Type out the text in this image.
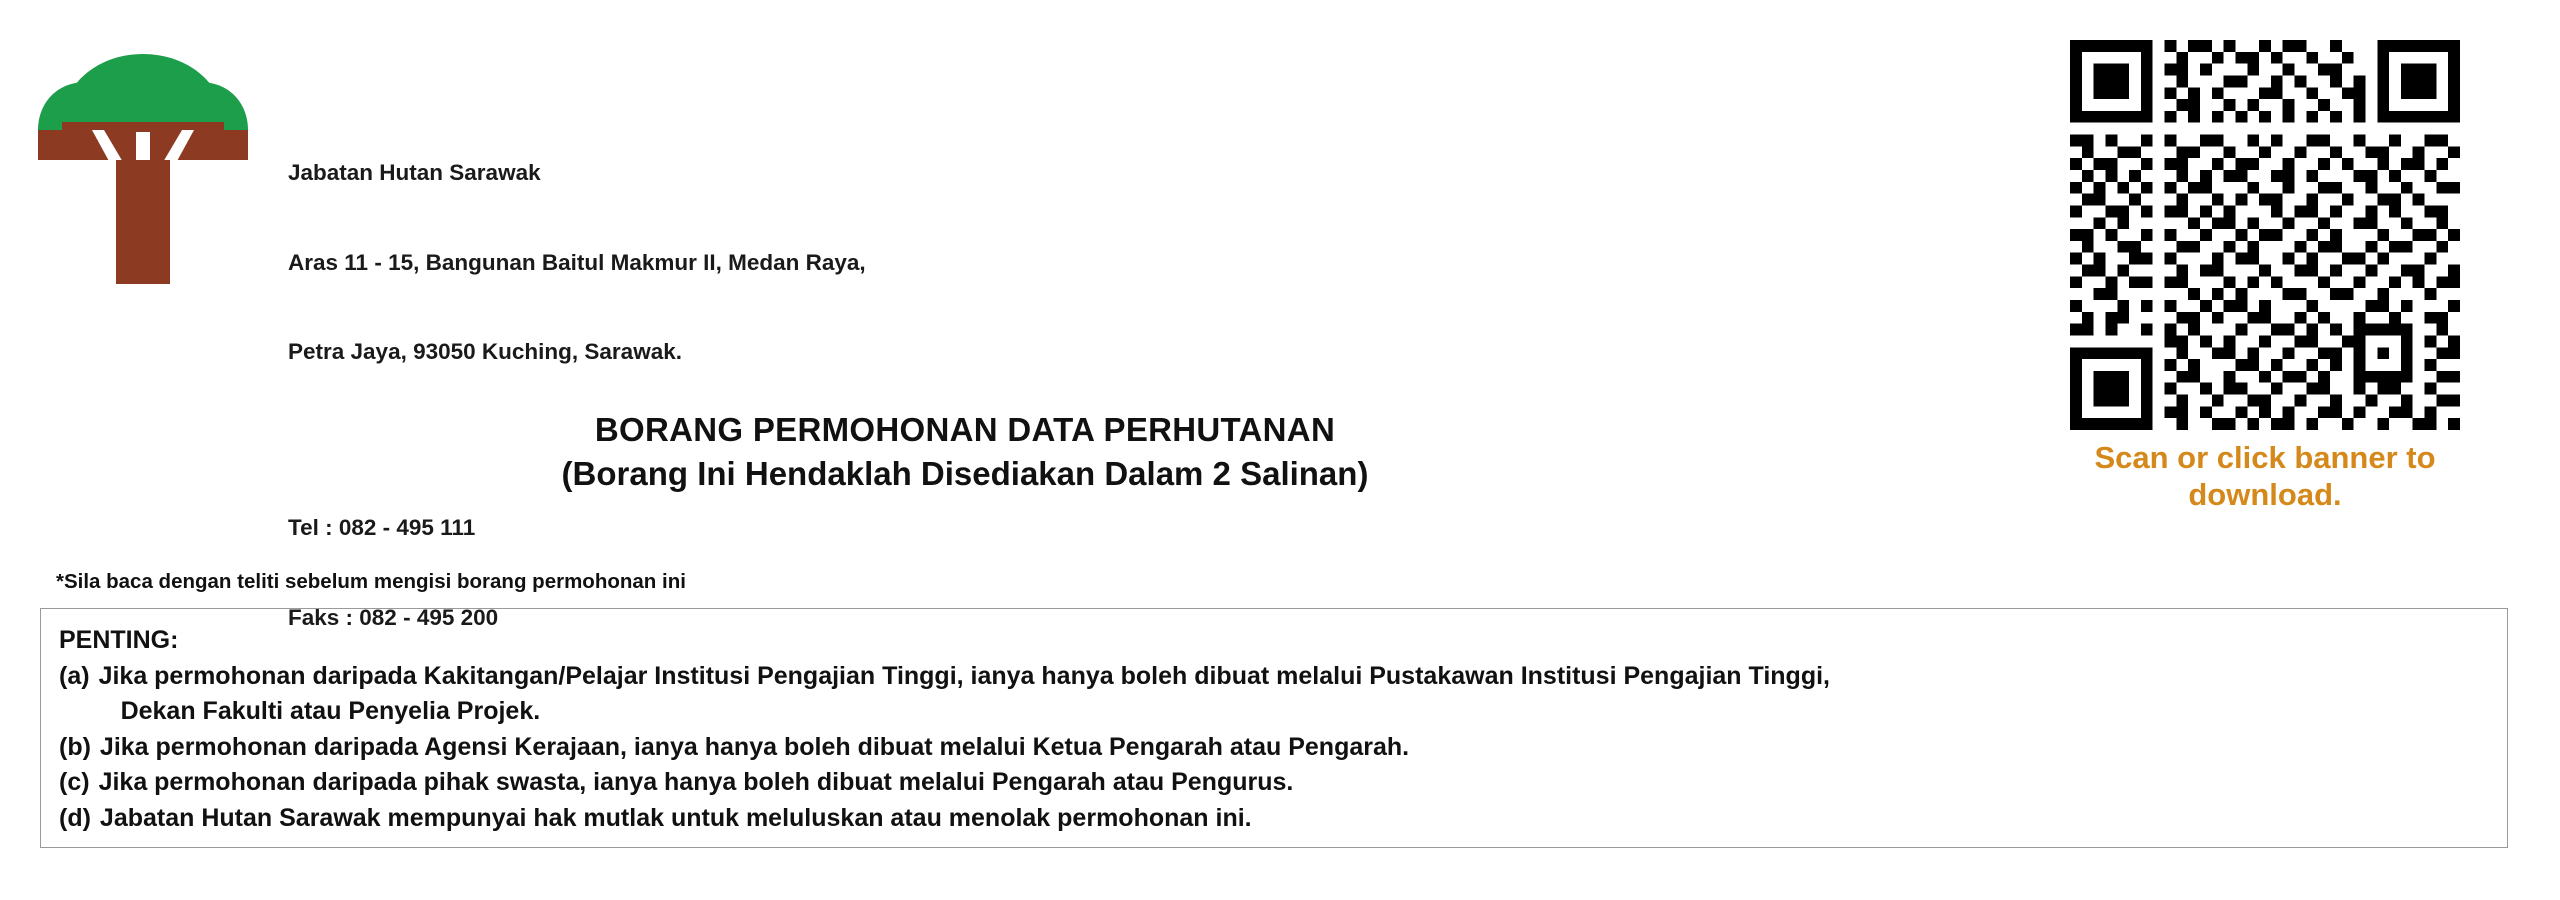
Jabatan Hutan Sarawak

Aras 11 - 15, Bangunan Baitul Makmur II, Medan Raya,

Petra Jaya, 93050 Kuching, Sarawak.

Tel : 082 - 495 111

Faks : 082 - 495 200

Scan or click banner to
download.
BORANG PERMOHONAN DATA PERHUTANAN
(Borang Ini Hendaklah Disediakan Dalam 2 Salinan)
*Sila baca dengan teliti sebelum mengisi borang permohonan ini
PENTING:
(a) Jika permohonan daripada Kakitangan/Pelajar Institusi Pengajian Tinggi, ianya hanya boleh dibuat melalui Pustakawan Institusi Pengajian Tinggi,
Dekan Fakulti atau Penyelia Projek.
(b) Jika permohonan daripada Agensi Kerajaan, ianya hanya boleh dibuat melalui Ketua Pengarah atau Pengarah.
(c) Jika permohonan daripada pihak swasta, ianya hanya boleh dibuat melalui Pengarah atau Pengurus.
(d) Jabatan Hutan Sarawak mempunyai hak mutlak untuk meluluskan atau menolak permohonan ini.
